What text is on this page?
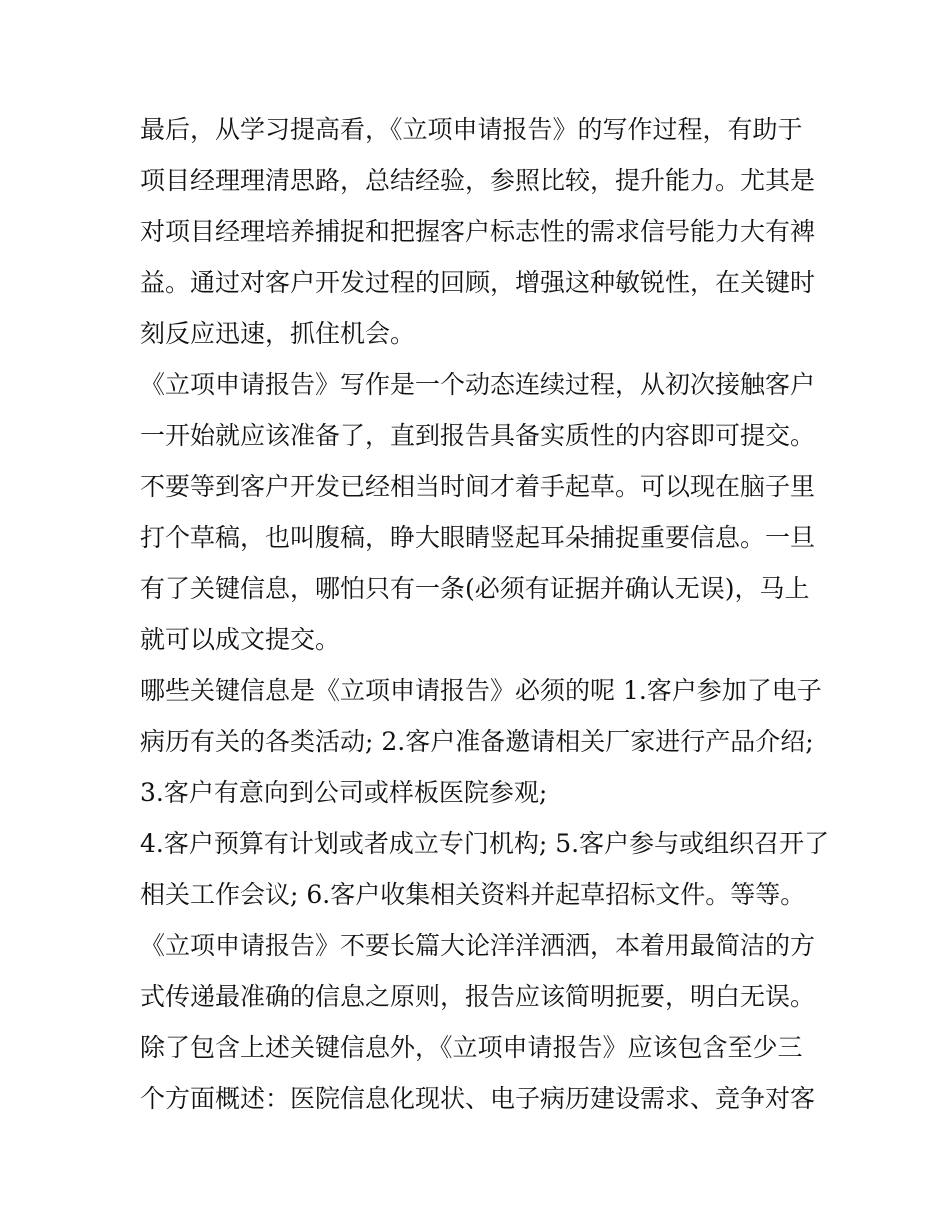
最后，从学习提高看，《立项申请报告》的写作过程，有助于
项目经理理清思路，总结经验，参照比较，提升能力。尤其是
对项目经理培养捕捉和把握客户标志性的需求信号能力大有裨
益。通过对客户开发过程的回顾，增强这种敏锐性，在关键时
刻反应迅速，抓住机会。
《立项申请报告》写作是一个动态连续过程，从初次接触客户
一开始就应该准备了，直到报告具备实质性的内容即可提交。
不要等到客户开发已经相当时间才着手起草。可以现在脑子里
打个草稿，也叫腹稿，睁大眼睛竖起耳朵捕捉重要信息。一旦
有了关键信息，哪怕只有一条(必须有证据并确认无误)，马上
就可以成文提交。
哪些关键信息是《立项申请报告》必须的呢 1.客户参加了电子
病历有关的各类活动; 2.客户准备邀请相关厂家进行产品介绍;
3.客户有意向到公司或样板医院参观;
4.客户预算有计划或者成立专门机构; 5.客户参与或组织召开了
相关工作会议; 6.客户收集相关资料并起草招标文件。等等。
《立项申请报告》不要长篇大论洋洋洒洒，本着用最简洁的方
式传递最准确的信息之原则，报告应该简明扼要，明白无误。
除了包含上述关键信息外，《立项申请报告》应该包含至少三
个方面概述：医院信息化现状、电子病历建设需求、竞争对客
